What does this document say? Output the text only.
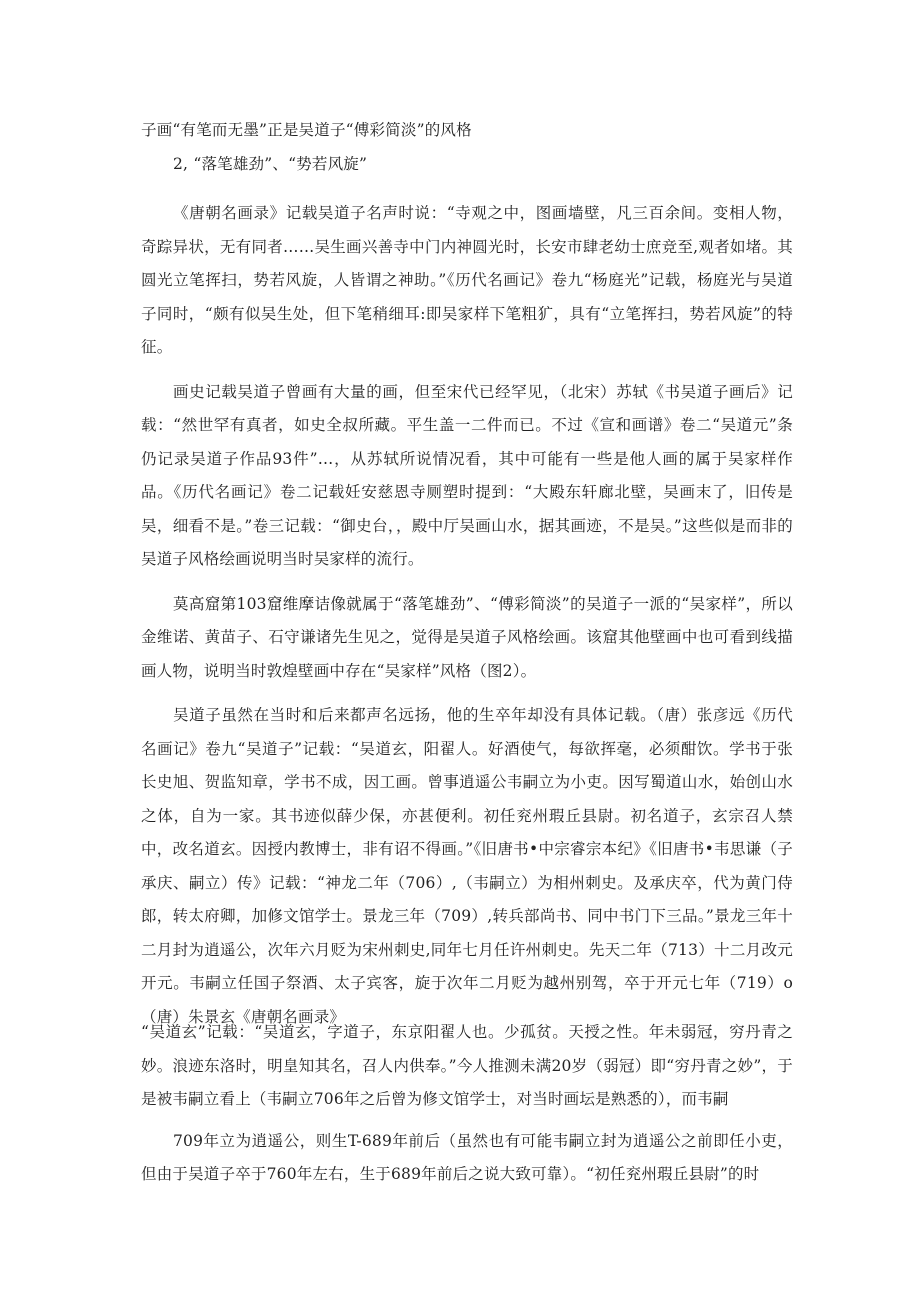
子画“有笔而无墨”正是吴道子“傅彩简淡”的风格

2, “落笔雄劲”、“势若风旋”

《唐朝名画录》记载吴道子名声时说：“寺观之中，图画墙壁，凡三百余间。变相人物，奇踪异状，无有同者……吴生画兴善寺中门内神圆光时，长安市肆老幼士庶竞至,观者如堵。其圆光立笔挥扫，势若风旋，人皆谓之神助。”《历代名画记》卷九“杨庭光”记载，杨庭光与吴道子同时，“颇有似吴生处，但下笔稍细耳:即吴家样下笔粗犷，具有“立笔挥扫，势若风旋”的特征。

画史记载吴道子曾画有大量的画，但至宋代已经罕见，（北宋）苏轼《书吴道子画后》记载：“然世罕有真者，如史全叔所藏。平生盖一二件而已。不过《宣和画谱》卷二“吴道元”条仍记录吴道子作品93件”…，从苏轼所说情况看，其中可能有一些是他人画的属于吴家样作品。《历代名画记》卷二记载妊安慈恩寺厕塑时提到：“大殿东轩廊北壁，吴画末了，旧传是吴，细看不是。”卷三记载：“御史台，，殿中厅吴画山水，据其画迹，不是吴。”这些似是而非的吴道子风格绘画说明当时吴家样的流行。

莫高窟第103窟维摩诘像就属于“落笔雄劲”、“傅彩简淡”的吴道子一派的“吴家样”，所以金维诺、黄苗子、石守谦诸先生见之，觉得是吴道子风格绘画。该窟其他壁画中也可看到线描画人物，说明当时敦煌壁画中存在“吴家样”风格（图2）。

吴道子虽然在当时和后来都声名远扬，他的生卒年却没有具体记载。（唐）张彦远《历代名画记》卷九“吴道子”记载：“吴道玄，阳翟人。好酒使气，每欲挥毫，必须酣饮。学书于张长史旭、贺监知章，学书不成，因工画。曾事逍遥公韦嗣立为小吏。因写蜀道山水，始创山水之体，自为一家。其书迹似薛少保，亦甚便利。初任兖州瑕丘县尉。初名道子，玄宗召人禁中，改名道玄。因授内教博士，非有诏不得画。”《旧唐书•中宗睿宗本纪》《旧唐书•韦思谦（子承庆、嗣立）传》记载：“神龙二年（706）,（韦嗣立）为相州刺史。及承庆卒，代为黄门侍郎，转太府卿，加修文馆学士。景龙三年（709）,转兵部尚书、同中书门下三品。”景龙三年十二月封为逍遥公，次年六月贬为宋州刺史,同年七月任许州刺史。先天二年（713）十二月改元开元。韦嗣立任国子祭酒、太子宾客，旋于次年二月贬为越州别驾，卒于开元七年（719）o（唐）朱景玄《唐朝名画录》

“吴道玄”记载：“吴道玄，字道子，东京阳翟人也。少孤贫。天授之性。年未弱冠，穷丹青之妙。浪迹东洛时，明皇知其名，召人内供奉。”今人推测未满20岁（弱冠）即“穷丹青之妙”，于是被韦嗣立看上（韦嗣立706年之后曾为修文馆学士，对当时画坛是熟悉的），而韦嗣

709年立为逍遥公，则生T-689年前后（虽然也有可能韦嗣立封为逍遥公之前即任小吏，但由于吴道子卒于760年左右，生于689年前后之说大致可靠）。“初任兖州瑕丘县尉”的时
